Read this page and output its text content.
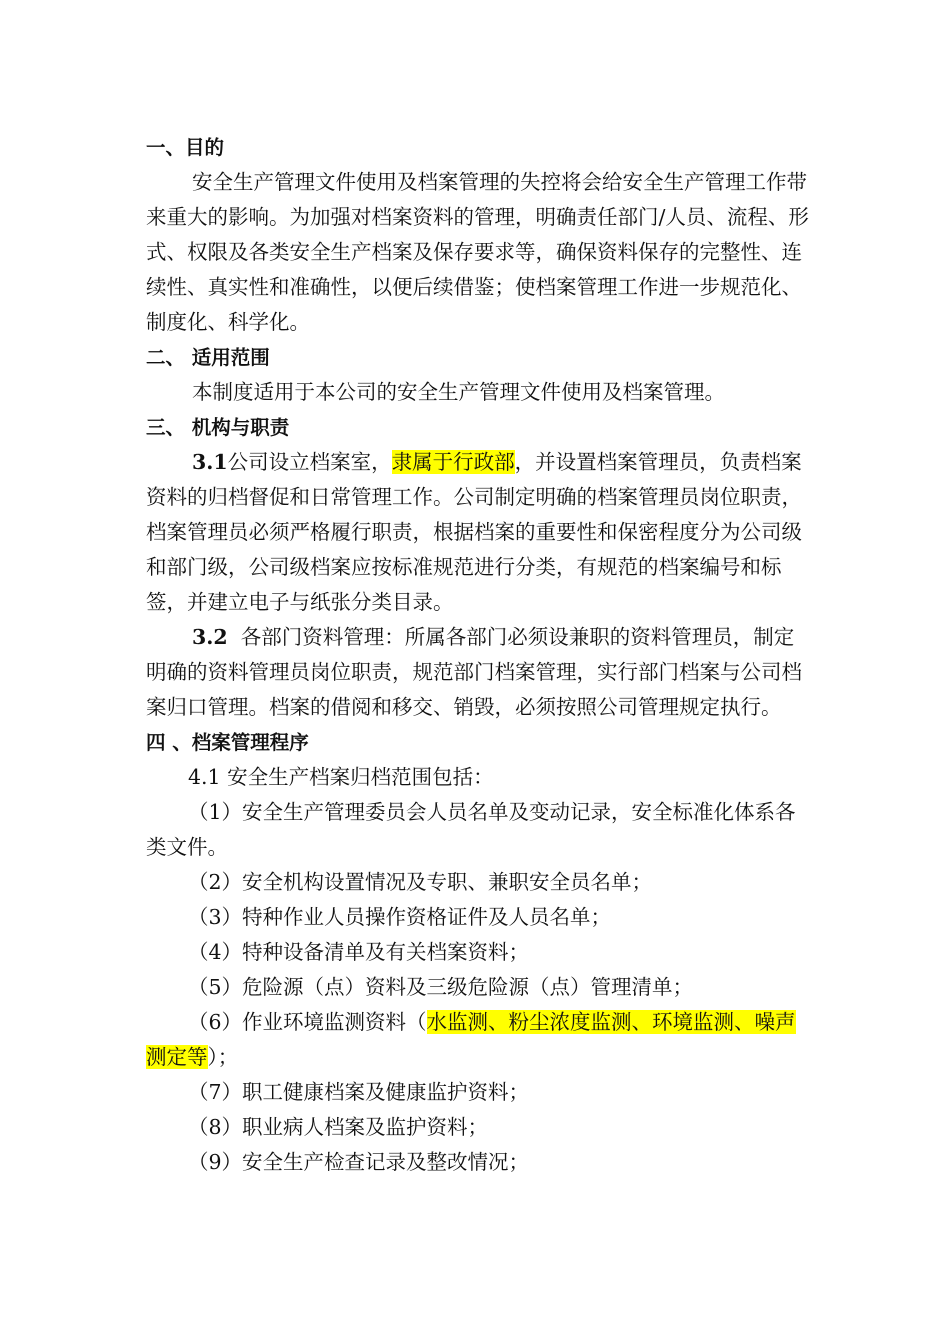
一、目的

安全生产管理文件使用及档案管理的失控将会给安全生产管理工作带来重大的影响。为加强对档案资料的管理，明确责任部门/人员、流程、形式、权限及各类安全生产档案及保存要求等，确保资料保存的完整性、连续性、真实性和准确性，以便后续借鉴；使档案管理工作进一步规范化、制度化、科学化。

二、 适用范围

本制度适用于本公司的安全生产管理文件使用及档案管理。

三、 机构与职责

3.1公司设立档案室，隶属于行政部，并设置档案管理员，负责档案资料的归档督促和日常管理工作。公司制定明确的档案管理员岗位职责，档案管理员必须严格履行职责，根据档案的重要性和保密程度分为公司级和部门级，公司级档案应按标准规范进行分类，有规范的档案编号和标签，并建立电子与纸张分类目录。

3.2 各部门资料管理：所属各部门必须设兼职的资料管理员，制定明确的资料管理员岗位职责，规范部门档案管理，实行部门档案与公司档案归口管理。档案的借阅和移交、销毁，必须按照公司管理规定执行。

四 、档案管理程序

4.1 安全生产档案归档范围包括：

（1）安全生产管理委员会人员名单及变动记录，安全标准化体系各类文件。

（2）安全机构设置情况及专职、兼职安全员名单；

（3）特种作业人员操作资格证件及人员名单；

（4）特种设备清单及有关档案资料；

（5）危险源（点）资料及三级危险源（点）管理清单；

（6）作业环境监测资料（水监测、粉尘浓度监测、环境监测、噪声测定等）；

（7）职工健康档案及健康监护资料；

（8）职业病人档案及监护资料；

（9）安全生产检查记录及整改情况；
